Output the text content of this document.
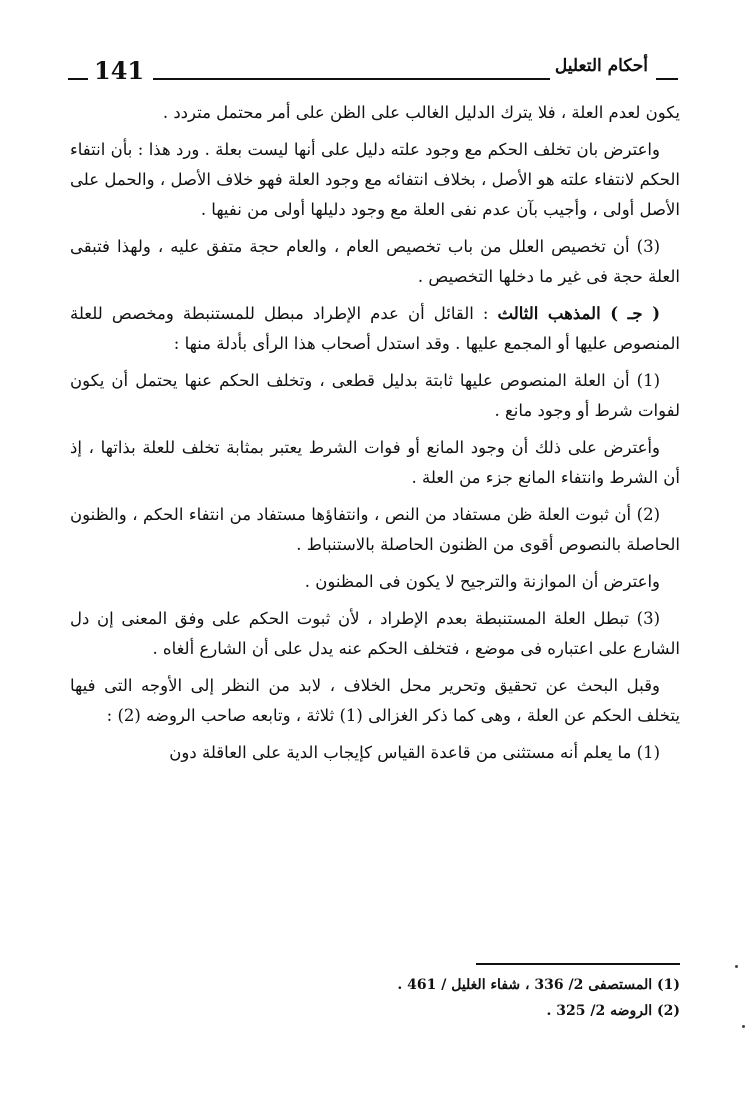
141	أحكام التعليل

يكون لعدم العلة ، فلا يترك الدليل الغالب على الظن على أمر محتمل متردد .

واعترض بان تخلف الحكم مع وجود علته دليل على أنها ليست بعلة . ورد هذا : بأن انتفاء الحكم لانتفاء علته هو الأصل ، بخلاف انتفائه مع وجود العلة فهو خلاف الأصل ، والحمل على الأصل أولى ، وأجيب بآن عدم نفى العلة مع وجود دليلها أولى من نفيها .

(3) أن تخصيص العلل من باب تخصيص العام ، والعام حجة متفق عليه ، ولهذا فتبقى العلة حجة فى غير ما دخلها التخصيص .

( جـ ) المذهب الثالث : القائل أن عدم الإطراد مبطل للمستنبطة ومخصص للعلة المنصوص عليها أو المجمع عليها . وقد استدل أصحاب هذا الرأى بأدلة منها :

(1) أن العلة المنصوص عليها ثابتة بدليل قطعى ، وتخلف الحكم عنها يحتمل أن يكون لفوات شرط أو وجود مانع .

وأعترض على ذلك أن وجود المانع أو فوات الشرط يعتبر بمثابة تخلف للعلة بذاتها ، إذ أن الشرط وانتفاء المانع جزء من العلة .

(2) أن ثبوت العلة ظن مستفاد من النص ، وانتفاؤها مستفاد من انتفاء الحكم ، والظنون الحاصلة بالنصوص أقوى من الظنون الحاصلة بالاستنباط .

واعترض أن الموازنة والترجيح لا يكون فى المظنون .

(3) تبطل العلة المستنبطة بعدم الإطراد ، لأن ثبوت الحكم على وفق المعنى إن دل الشارع على اعتباره فى موضع ، فتخلف الحكم عنه يدل على أن الشارع ألغاه .

وقبل البحث عن تحقيق وتحرير محل الخلاف ، لابد من النظر إلى الأوجه التى فيها يتخلف الحكم عن العلة ، وهى كما ذكر الغزالى (1) ثلاثة ، وتابعه صاحب الروضه (2) :

(1) ما يعلم أنه مستثنى من قاعدة القياس كإيجاب الدية على العاقلة دون

(1) المستصفى 2/ 336 ، شفاء الغليل / 461 .

(2) الروضه 2/ 325 .
